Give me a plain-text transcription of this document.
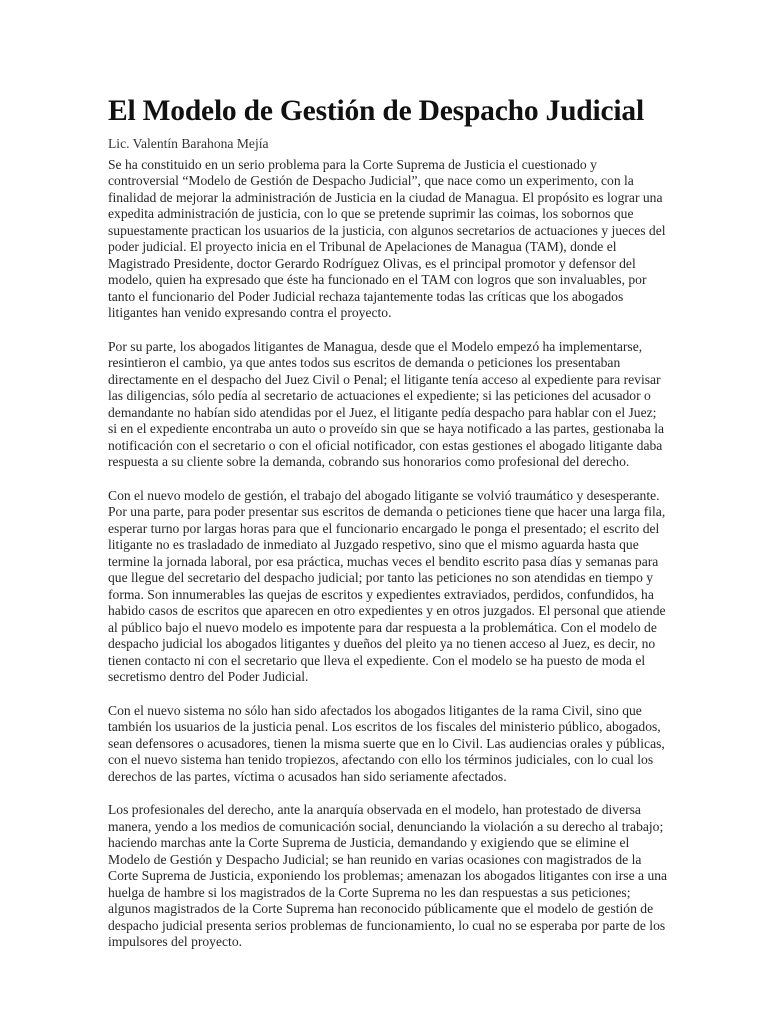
El Modelo de Gestión de Despacho Judicial
Lic. Valentín Barahona Mejía

Se ha constituido en un serio problema para la Corte Suprema de Justicia el cuestionado y controversial “Modelo de Gestión de Despacho Judicial”, que nace como un experimento, con la finalidad de mejorar la administración de Justicia en la ciudad de Managua. El propósito es lograr una expedita administración de justicia, con lo que se pretende suprimir las coimas, los sobornos que supuestamente practican los usuarios de la justicia, con algunos secretarios de actuaciones y jueces del poder judicial. El proyecto inicia en el Tribunal de Apelaciones de Managua (TAM), donde el Magistrado Presidente, doctor Gerardo Rodríguez Olivas, es el principal promotor y defensor del modelo, quien ha expresado que éste ha funcionado en el TAM con logros que son invaluables, por tanto el funcionario del Poder Judicial rechaza tajantemente todas las críticas que los abogados litigantes han venido expresando contra el proyecto.

Por su parte, los abogados litigantes de Managua, desde que el Modelo empezó ha implementarse, resintieron el cambio, ya que antes todos sus escritos de demanda o peticiones los presentaban directamente en el despacho del Juez Civil o Penal; el litigante tenía acceso al expediente para revisar las diligencias, sólo pedía al secretario de actuaciones el expediente; si las peticiones del acusador o demandante no habían sido atendidas por el Juez, el litigante pedía despacho para hablar con el Juez; si en el expediente encontraba un auto o proveído sin que se haya notificado a las partes, gestionaba la notificación con el secretario o con el oficial notificador, con estas gestiones el abogado litigante daba respuesta a su cliente sobre la demanda, cobrando sus honorarios como profesional del derecho.

Con el nuevo modelo de gestión, el trabajo del abogado litigante se volvió traumático y desesperante. Por una parte, para poder presentar sus escritos de demanda o peticiones tiene que hacer una larga fila, esperar turno por largas horas para que el funcionario encargado le ponga el presentado; el escrito del litigante no es trasladado de inmediato al Juzgado respetivo, sino que el mismo aguarda hasta que termine la jornada laboral, por esa práctica, muchas veces el bendito escrito pasa días y semanas para que llegue del secretario del despacho judicial; por tanto las peticiones no son atendidas en tiempo y forma. Son innumerables las quejas de escritos y expedientes extraviados, perdidos, confundidos, ha habido casos de escritos que aparecen en otro expedientes y en otros juzgados. El personal que atiende al público bajo el nuevo modelo es impotente para dar respuesta a la problemática. Con el modelo de despacho judicial los abogados litigantes y dueños del pleito ya no tienen acceso al Juez, es decir, no tienen contacto ni con el secretario que lleva el expediente. Con el modelo se ha puesto de moda el secretismo dentro del Poder Judicial.

Con el nuevo sistema no sólo han sido afectados los abogados litigantes de la rama Civil, sino que también los usuarios de la justicia penal. Los escritos de los fiscales del ministerio público, abogados, sean defensores o acusadores, tienen la misma suerte que en lo Civil. Las audiencias orales y públicas, con el nuevo sistema han tenido tropiezos, afectando con ello los términos judiciales, con lo cual los derechos de las partes, víctima o acusados han sido seriamente afectados.

Los profesionales del derecho, ante la anarquía observada en el modelo, han protestado de diversa manera, yendo a los medios de comunicación social, denunciando la violación a su derecho al trabajo; haciendo marchas ante la Corte Suprema de Justicia, demandando y exigiendo que se elimine el Modelo de Gestión y Despacho Judicial; se han reunido en varias ocasiones con magistrados de la Corte Suprema de Justicia, exponiendo los problemas; amenazan los abogados litigantes con irse a una huelga de hambre si los magistrados de la Corte Suprema no les dan respuestas a sus peticiones; algunos magistrados de la Corte Suprema han reconocido públicamente que el modelo de gestión de despacho judicial presenta serios problemas de funcionamiento, lo cual no se esperaba por parte de los impulsores del proyecto.
